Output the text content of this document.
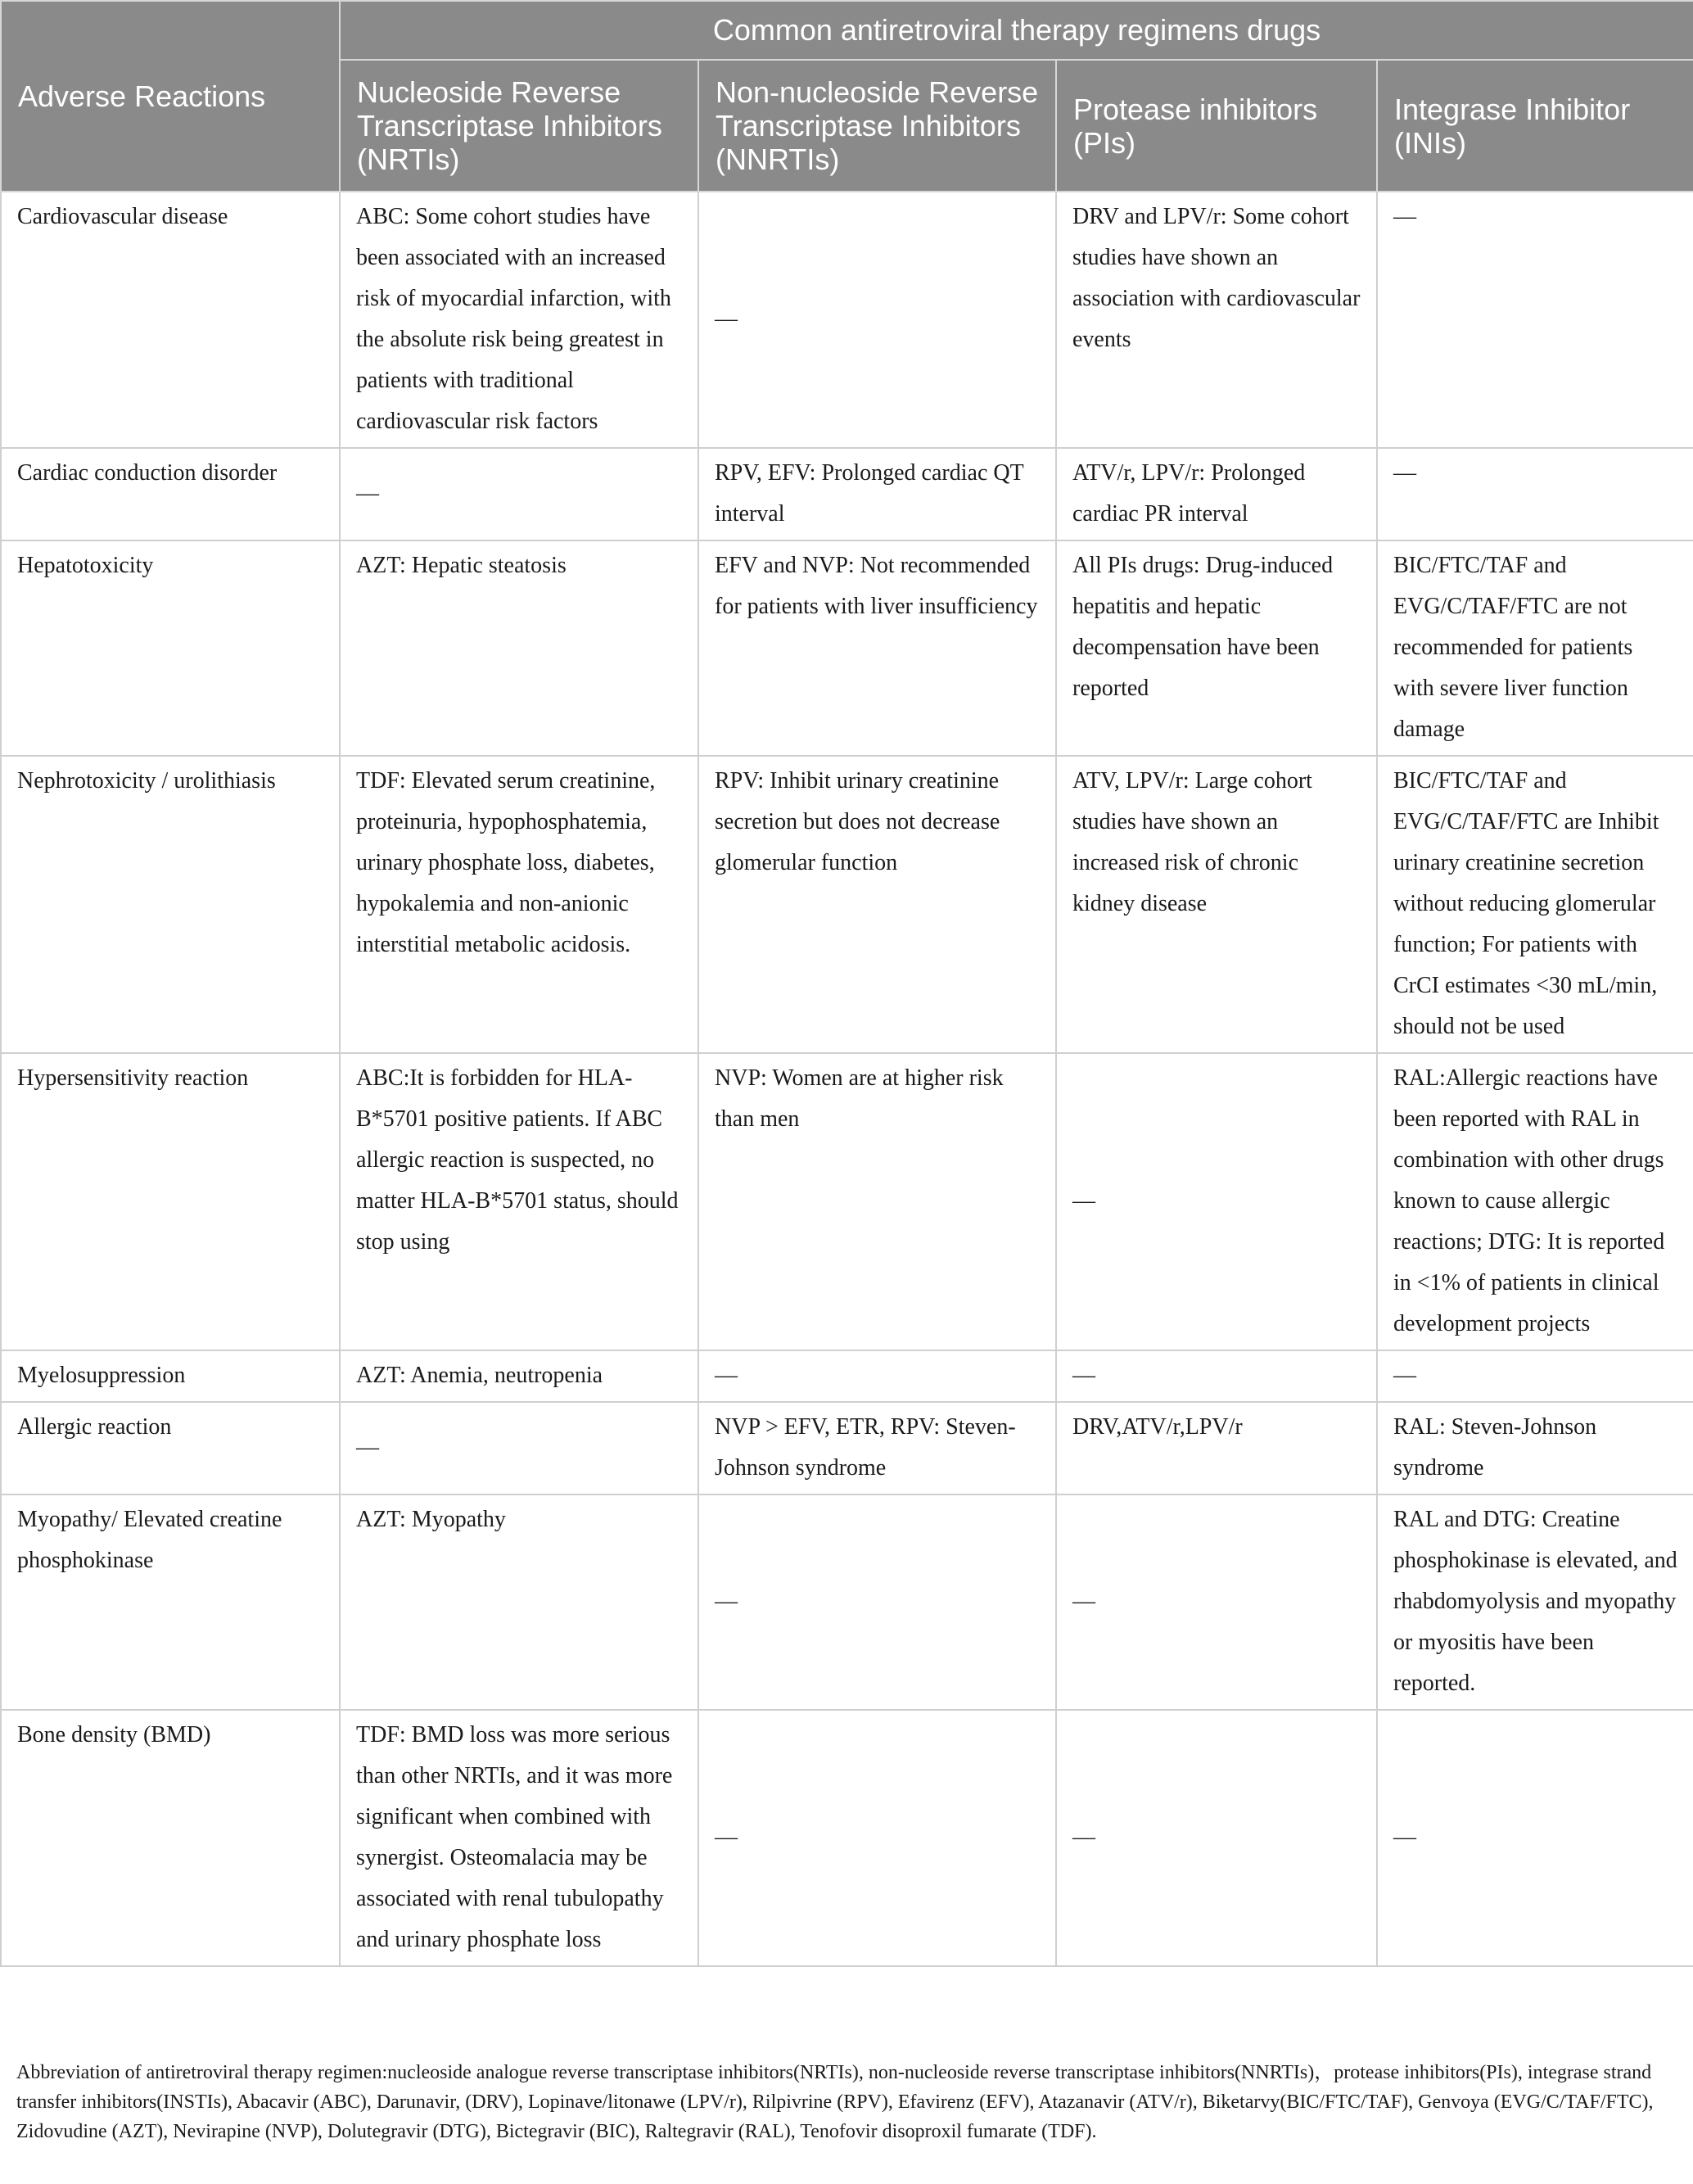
Adverse Reactions	Common antiretroviral therapy regimens drugs			
	Nucleoside Reverse Transcriptase Inhibitors (NRTIs)	Non-nucleoside Reverse Transcriptase Inhibitors (NNRTIs)	Protease inhibitors (PIs)	Integrase Inhibitor (INIs)
Cardiovascular disease	ABC: Some cohort studies have been associated with an increased risk of myocardial infarction, with the absolute risk being greatest in patients with traditional cardiovascular risk factors	—	DRV and LPV/r: Some cohort studies have shown an association with cardiovascular events	—
Cardiac conduction disorder	—	RPV, EFV: Prolonged cardiac QT interval	ATV/r, LPV/r: Prolonged cardiac PR interval	—
Hepatotoxicity	AZT: Hepatic steatosis	EFV and NVP: Not recommended for patients with liver insufficiency	All PIs drugs: Drug-induced hepatitis and hepatic decompensation have been reported	BIC/FTC/TAF and EVG/C/TAF/FTC are not recommended for patients with severe liver function damage
Nephrotoxicity / urolithiasis	TDF: Elevated serum creatinine, proteinuria, hypophosphatemia, urinary phosphate loss, diabetes, hypokalemia and non-anionic interstitial metabolic acidosis.	RPV: Inhibit urinary creatinine secretion but does not decrease glomerular function	ATV, LPV/r: Large cohort studies have shown an increased risk of chronic kidney disease	BIC/FTC/TAF and EVG/C/TAF/FTC are Inhibit urinary creatinine secretion without reducing glomerular function; For patients with CrCI estimates <30 mL/min, should not be used
Hypersensitivity reaction	ABC:It is forbidden for HLA-B*5701 positive patients. If ABC allergic reaction is suspected, no matter HLA-B*5701 status, should stop using	NVP: Women are at higher risk than men	—	RAL:Allergic reactions have been reported with RAL in combination with other drugs known to cause allergic reactions; DTG: It is reported in <1% of patients in clinical development projects
Myelosuppression	AZT: Anemia, neutropenia	—	—	—
Allergic reaction	—	NVP > EFV, ETR, RPV: Steven-Johnson syndrome	DRV,ATV/r,LPV/r	RAL: Steven-Johnson syndrome
Myopathy/ Elevated creatine phosphokinase	AZT: Myopathy	—	—	RAL and DTG: Creatine phosphokinase is elevated, and rhabdomyolysis and myopathy or myositis have been reported.
Bone density (BMD)	TDF: BMD loss was more serious than other NRTIs, and it was more significant when combined with synergist. Osteomalacia may be associated with renal tubulopathy and urinary phosphate loss	—	—	—
Abbreviation of antiretroviral therapy regimen:nucleoside analogue reverse transcriptase inhibitors(NRTIs), non-nucleoside reverse transcriptase inhibitors(NNRTIs)，protease inhibitors(PIs), integrase strand transfer inhibitors(INSTIs), Abacavir (ABC), Darunavir, (DRV), Lopinave/litonawe (LPV/r), Rilpivrine (RPV), Efavirenz (EFV), Atazanavir (ATV/r), Biketarvy(BIC/FTC/TAF), Genvoya (EVG/C/TAF/FTC), Zidovudine (AZT), Nevirapine (NVP), Dolutegravir (DTG), Bictegravir (BIC), Raltegravir (RAL), Tenofovir disoproxil fumarate (TDF).
